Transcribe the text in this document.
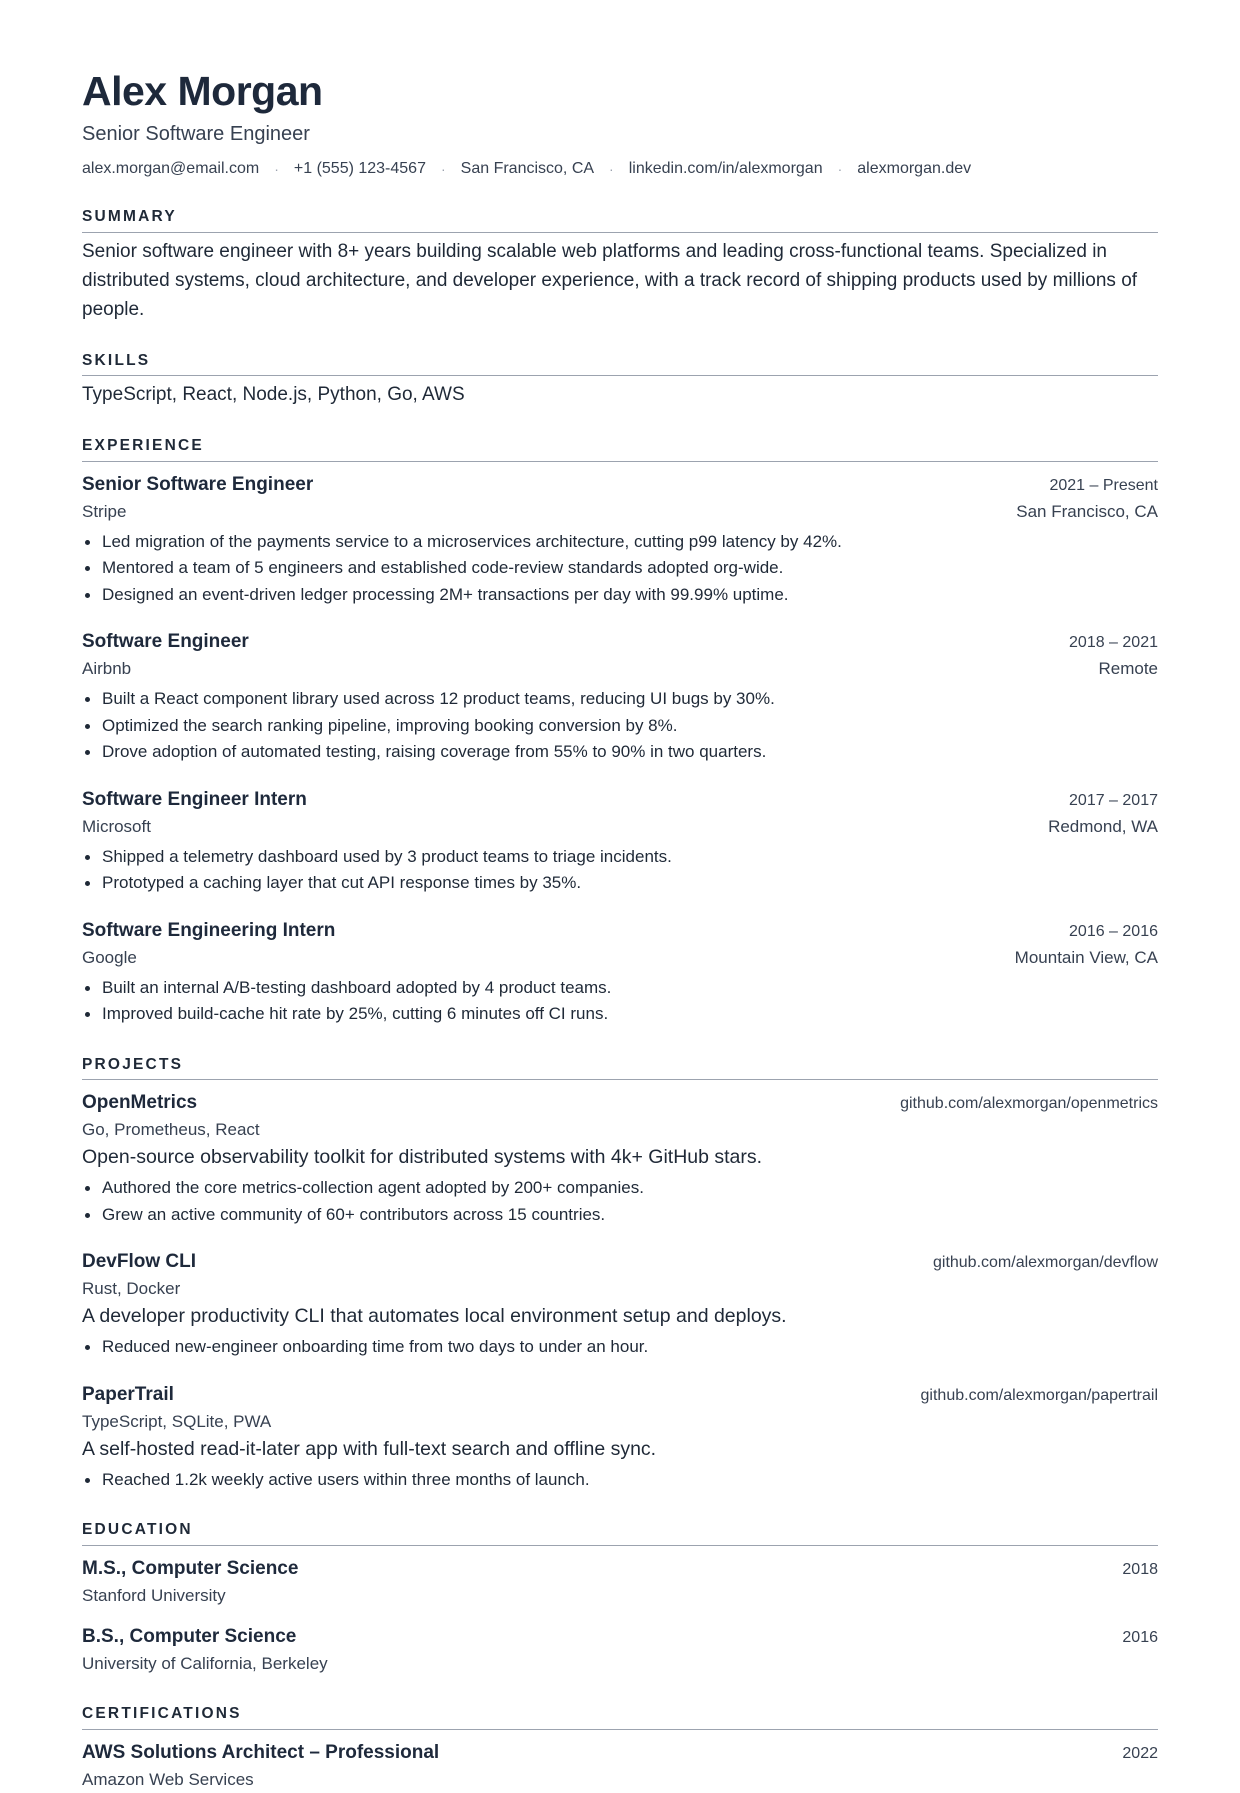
Alex Morgan
Senior Software Engineer
alex.morgan@email.com · +1 (555) 123-4567 · San Francisco, CA · linkedin.com/in/alexmorgan · alexmorgan.dev
SUMMARY
Senior software engineer with 8+ years building scalable web platforms and leading cross-functional teams. Specialized in distributed systems, cloud architecture, and developer experience, with a track record of shipping products used by millions of people.
SKILLS
TypeScript, React, Node.js, Python, Go, AWS
EXPERIENCE
Senior Software Engineer	2021 – Present
Stripe	San Francisco, CA
Led migration of the payments service to a microservices architecture, cutting p99 latency by 42%.
Mentored a team of 5 engineers and established code-review standards adopted org-wide.
Designed an event-driven ledger processing 2M+ transactions per day with 99.99% uptime.
Software Engineer	2018 – 2021
Airbnb	Remote
Built a React component library used across 12 product teams, reducing UI bugs by 30%.
Optimized the search ranking pipeline, improving booking conversion by 8%.
Drove adoption of automated testing, raising coverage from 55% to 90% in two quarters.
Software Engineer Intern	2017 – 2017
Microsoft	Redmond, WA
Shipped a telemetry dashboard used by 3 product teams to triage incidents.
Prototyped a caching layer that cut API response times by 35%.
Software Engineering Intern	2016 – 2016
Google	Mountain View, CA
Built an internal A/B-testing dashboard adopted by 4 product teams.
Improved build-cache hit rate by 25%, cutting 6 minutes off CI runs.
PROJECTS
OpenMetrics	github.com/alexmorgan/openmetrics
Go, Prometheus, React
Open-source observability toolkit for distributed systems with 4k+ GitHub stars.
Authored the core metrics-collection agent adopted by 200+ companies.
Grew an active community of 60+ contributors across 15 countries.
DevFlow CLI	github.com/alexmorgan/devflow
Rust, Docker
A developer productivity CLI that automates local environment setup and deploys.
Reduced new-engineer onboarding time from two days to under an hour.
PaperTrail	github.com/alexmorgan/papertrail
TypeScript, SQLite, PWA
A self-hosted read-it-later app with full-text search and offline sync.
Reached 1.2k weekly active users within three months of launch.
EDUCATION
M.S., Computer Science	2018
Stanford University
B.S., Computer Science	2016
University of California, Berkeley
CERTIFICATIONS
AWS Solutions Architect – Professional	2022
Amazon Web Services
